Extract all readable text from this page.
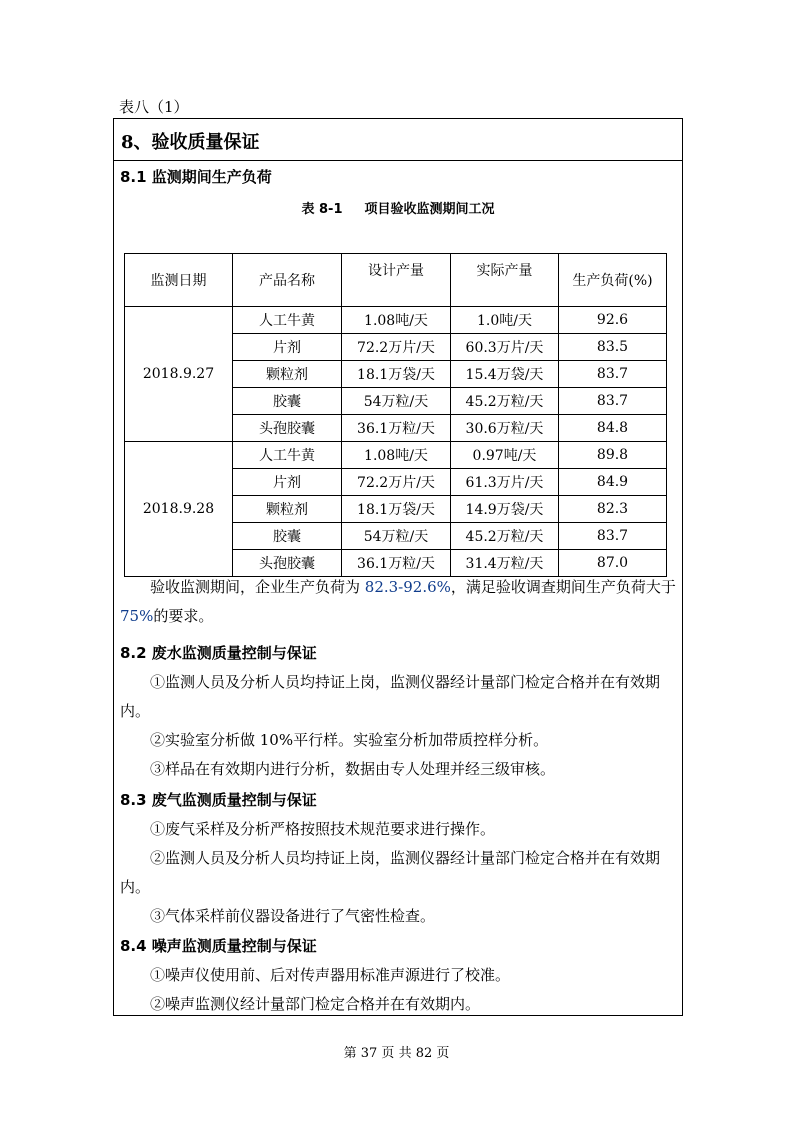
表八（1）
8、验收质量保证
8.1 监测期间生产负荷
表 8-1 项目验收监测期间工况
监测日期	产品名称	设计产量	实际产量	生产负荷(%)
2018.9.27	人工牛黄	1.08吨/天	1.0吨/天	92.6
	片剂	72.2万片/天	60.3万片/天	83.5
	颗粒剂	18.1万袋/天	15.4万袋/天	83.7
	胶囊	54万粒/天	45.2万粒/天	83.7
	头孢胶囊	36.1万粒/天	30.6万粒/天	84.8
2018.9.28	人工牛黄	1.08吨/天	0.97吨/天	89.8
	片剂	72.2万片/天	61.3万片/天	84.9
	颗粒剂	18.1万袋/天	14.9万袋/天	82.3
	胶囊	54万粒/天	45.2万粒/天	83.7
	头孢胶囊	36.1万粒/天	31.4万粒/天	87.0
验收监测期间，企业生产负荷为 82.3-92.6%，满足验收调查期间生产负荷大于 75%的要求。
8.2 废水监测质量控制与保证
①监测人员及分析人员均持证上岗，监测仪器经计量部门检定合格并在有效期内。
②实验室分析做 10%平行样。实验室分析加带质控样分析。
③样品在有效期内进行分析，数据由专人处理并经三级审核。
8.3 废气监测质量控制与保证
①废气采样及分析严格按照技术规范要求进行操作。
②监测人员及分析人员均持证上岗，监测仪器经计量部门检定合格并在有效期内。
③气体采样前仪器设备进行了气密性检查。
8.4 噪声监测质量控制与保证
①噪声仪使用前、后对传声器用标准声源进行了校准。
②噪声监测仪经计量部门检定合格并在有效期内。
第 37 页 共 82 页
